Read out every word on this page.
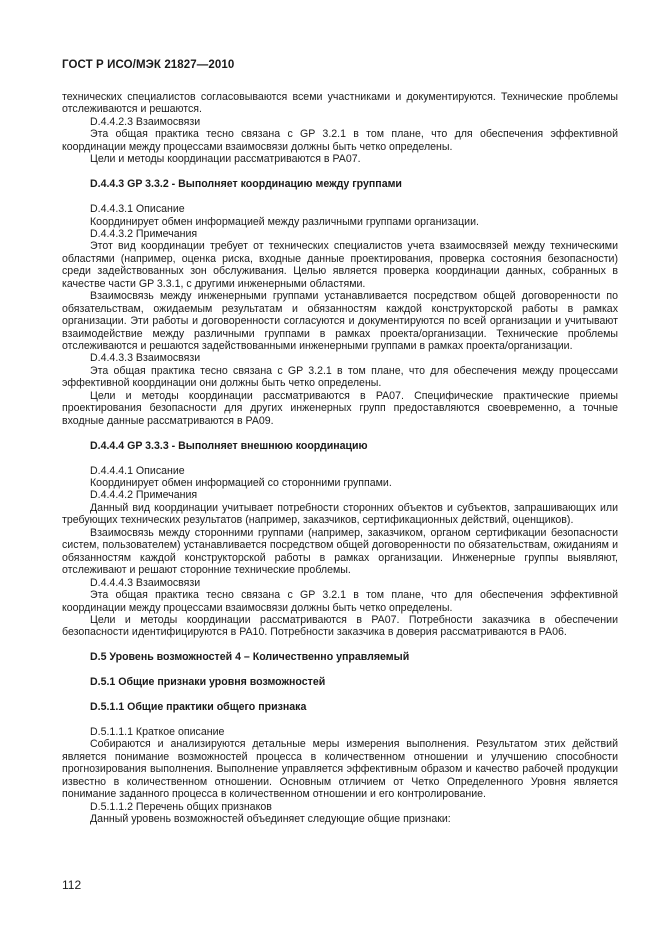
ГОСТ Р ИСО/МЭК 21827—2010
технических специалистов согласовываются всеми участниками и документируются. Технические проблемы отслеживаются и решаются.
D.4.4.2.3 Взаимосвязи
Эта общая практика тесно связана с GP 3.2.1 в том плане, что для обеспечения эффективной координации между процессами взаимосвязи должны быть четко определены.
Цели и методы координации рассматриваются в PA07.
D.4.4.3 GP 3.3.2 - Выполняет координацию между группами
D.4.4.3.1 Описание
Координирует обмен информацией между различными группами организации.
D.4.4.3.2 Примечания
Этот вид координации требует от технических специалистов учета взаимосвязей между техническими областями (например, оценка риска, входные данные проектирования, проверка состояния безопасности) среди задействованных зон обслуживания. Целью является проверка координации данных, собранных в качестве части GP 3.3.1, с другими инженерными областями.
Взаимосвязь между инженерными группами устанавливается посредством общей договоренности по обязательствам, ожидаемым результатам и обязанностям каждой конструкторской работы в рамках организации. Эти работы и договоренности согласуются и документируются по всей организации и учитывают взаимодействие между различными группами в рамках проекта/организации. Технические проблемы отслеживаются и решаются задействованными инженерными группами в рамках проекта/организации.
D.4.4.3.3 Взаимосвязи
Эта общая практика тесно связана с GP 3.2.1 в том плане, что для обеспечения между процессами эффективной координации они должны быть четко определены.
Цели и методы координации рассматриваются в PA07. Специфические практические приемы проектирования безопасности для других инженерных групп предоставляются своевременно, а точные входные данные рассматриваются в PA09.
D.4.4.4 GP 3.3.3 - Выполняет внешнюю координацию
D.4.4.4.1 Описание
Координирует обмен информацией со сторонними группами.
D.4.4.4.2 Примечания
Данный вид координации учитывает потребности сторонних объектов и субъектов, запрашивающих или требующих технических результатов (например, заказчиков, сертификационных действий, оценщиков).
Взаимосвязь между сторонними группами (например, заказчиком, органом сертификации безопасности систем, пользователем) устанавливается посредством общей договоренности по обязательствам, ожиданиям и обязанностям каждой конструкторской работы в рамках организации. Инженерные группы выявляют, отслеживают и решают сторонние технические проблемы.
D.4.4.4.3 Взаимосвязи
Эта общая практика тесно связана с GP 3.2.1 в том плане, что для обеспечения эффективной координации между процессами взаимосвязи должны быть четко определены.
Цели и методы координации рассматриваются в PA07. Потребности заказчика в обеспечении безопасности идентифицируются в PA10. Потребности заказчика в доверия рассматриваются в PA06.
D.5 Уровень возможностей 4 – Количественно управляемый
D.5.1 Общие признаки уровня возможностей
D.5.1.1 Общие практики общего признака
D.5.1.1.1 Краткое описание
Собираются и анализируются детальные меры измерения выполнения. Результатом этих действий является понимание возможностей процесса в количественном отношении и улучшению способности прогнозирования выполнения. Выполнение управляется эффективным образом и качество рабочей продукции известно в количественном отношении. Основным отличием от Четко Определенного Уровня является понимание заданного процесса в количественном отношении и его контролирование.
D.5.1.1.2 Перечень общих признаков
Данный уровень возможностей объединяет следующие общие признаки:
112
